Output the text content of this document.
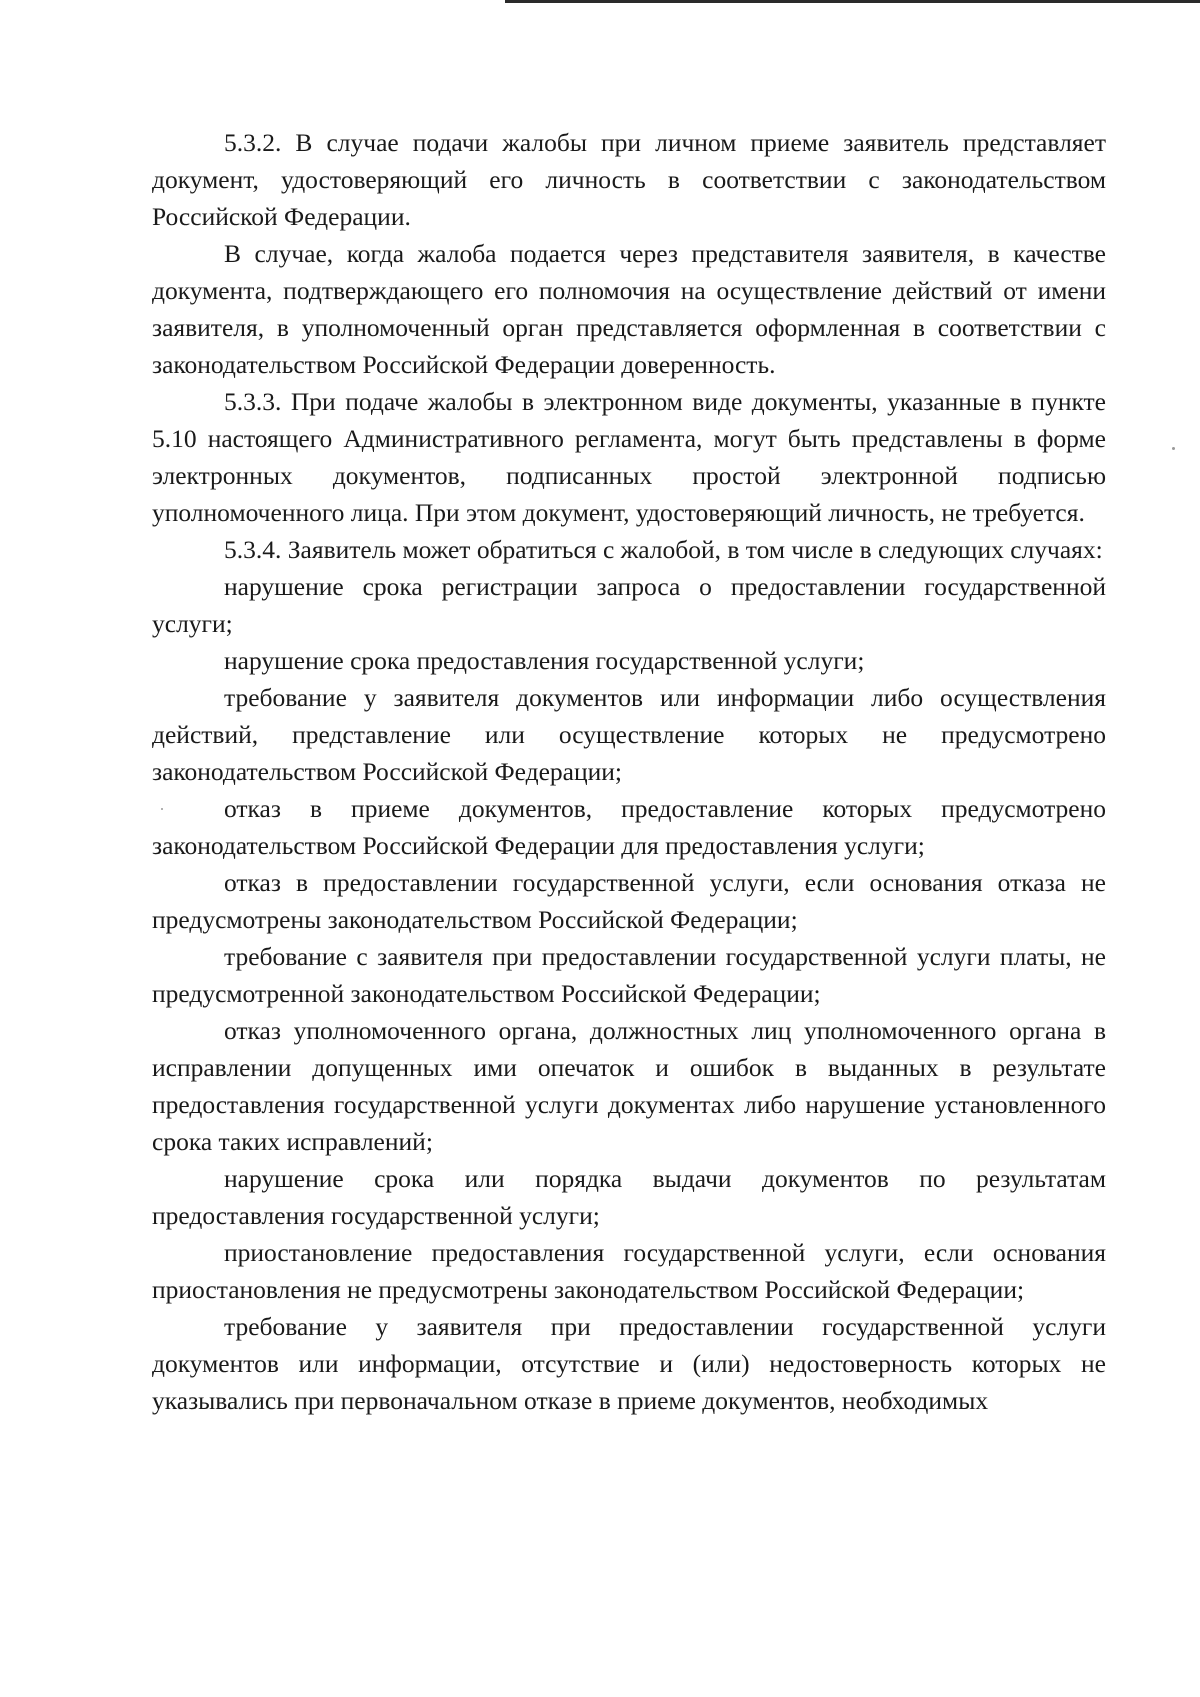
5.3.2. В случае подачи жалобы при личном приеме заявитель представляет документ, удостоверяющий его личность в соответствии с законодательством Российской Федерации.

В случае, когда жалоба подается через представителя заявителя, в качестве документа, подтверждающего его полномочия на осуществление действий от имени заявителя, в уполномоченный орган представляется оформленная в соответствии с законодательством Российской Федерации доверенность.

5.3.3. При подаче жалобы в электронном виде документы, указанные в пункте 5.10 настоящего Административного регламента, могут быть представлены в форме электронных документов, подписанных простой электронной подписью уполномоченного лица. При этом документ, удостоверяющий личность, не требуется.

5.3.4. Заявитель может обратиться с жалобой, в том числе в следующих случаях:

нарушение срока регистрации запроса о предоставлении государственной услуги;

нарушение срока предоставления государственной услуги;

требование у заявителя документов или информации либо осуществления действий, представление или осуществление которых не предусмотрено законодательством Российской Федерации;

отказ в приеме документов, предоставление которых предусмотрено законодательством Российской Федерации для предоставления услуги;

отказ в предоставлении государственной услуги, если основания отказа не предусмотрены законодательством Российской Федерации;

требование с заявителя при предоставлении государственной услуги платы, не предусмотренной законодательством Российской Федерации;

отказ уполномоченного органа, должностных лиц уполномоченного органа в исправлении допущенных ими опечаток и ошибок в выданных в результате предоставления государственной услуги документах либо нарушение установленного срока таких исправлений;

нарушение срока или порядка выдачи документов по результатам предоставления государственной услуги;

приостановление предоставления государственной услуги, если основания приостановления не предусмотрены законодательством Российской Федерации;

требование у заявителя при предоставлении государственной услуги документов или информации, отсутствие и (или) недостоверность которых не указывались при первоначальном отказе в приеме документов, необходимых
